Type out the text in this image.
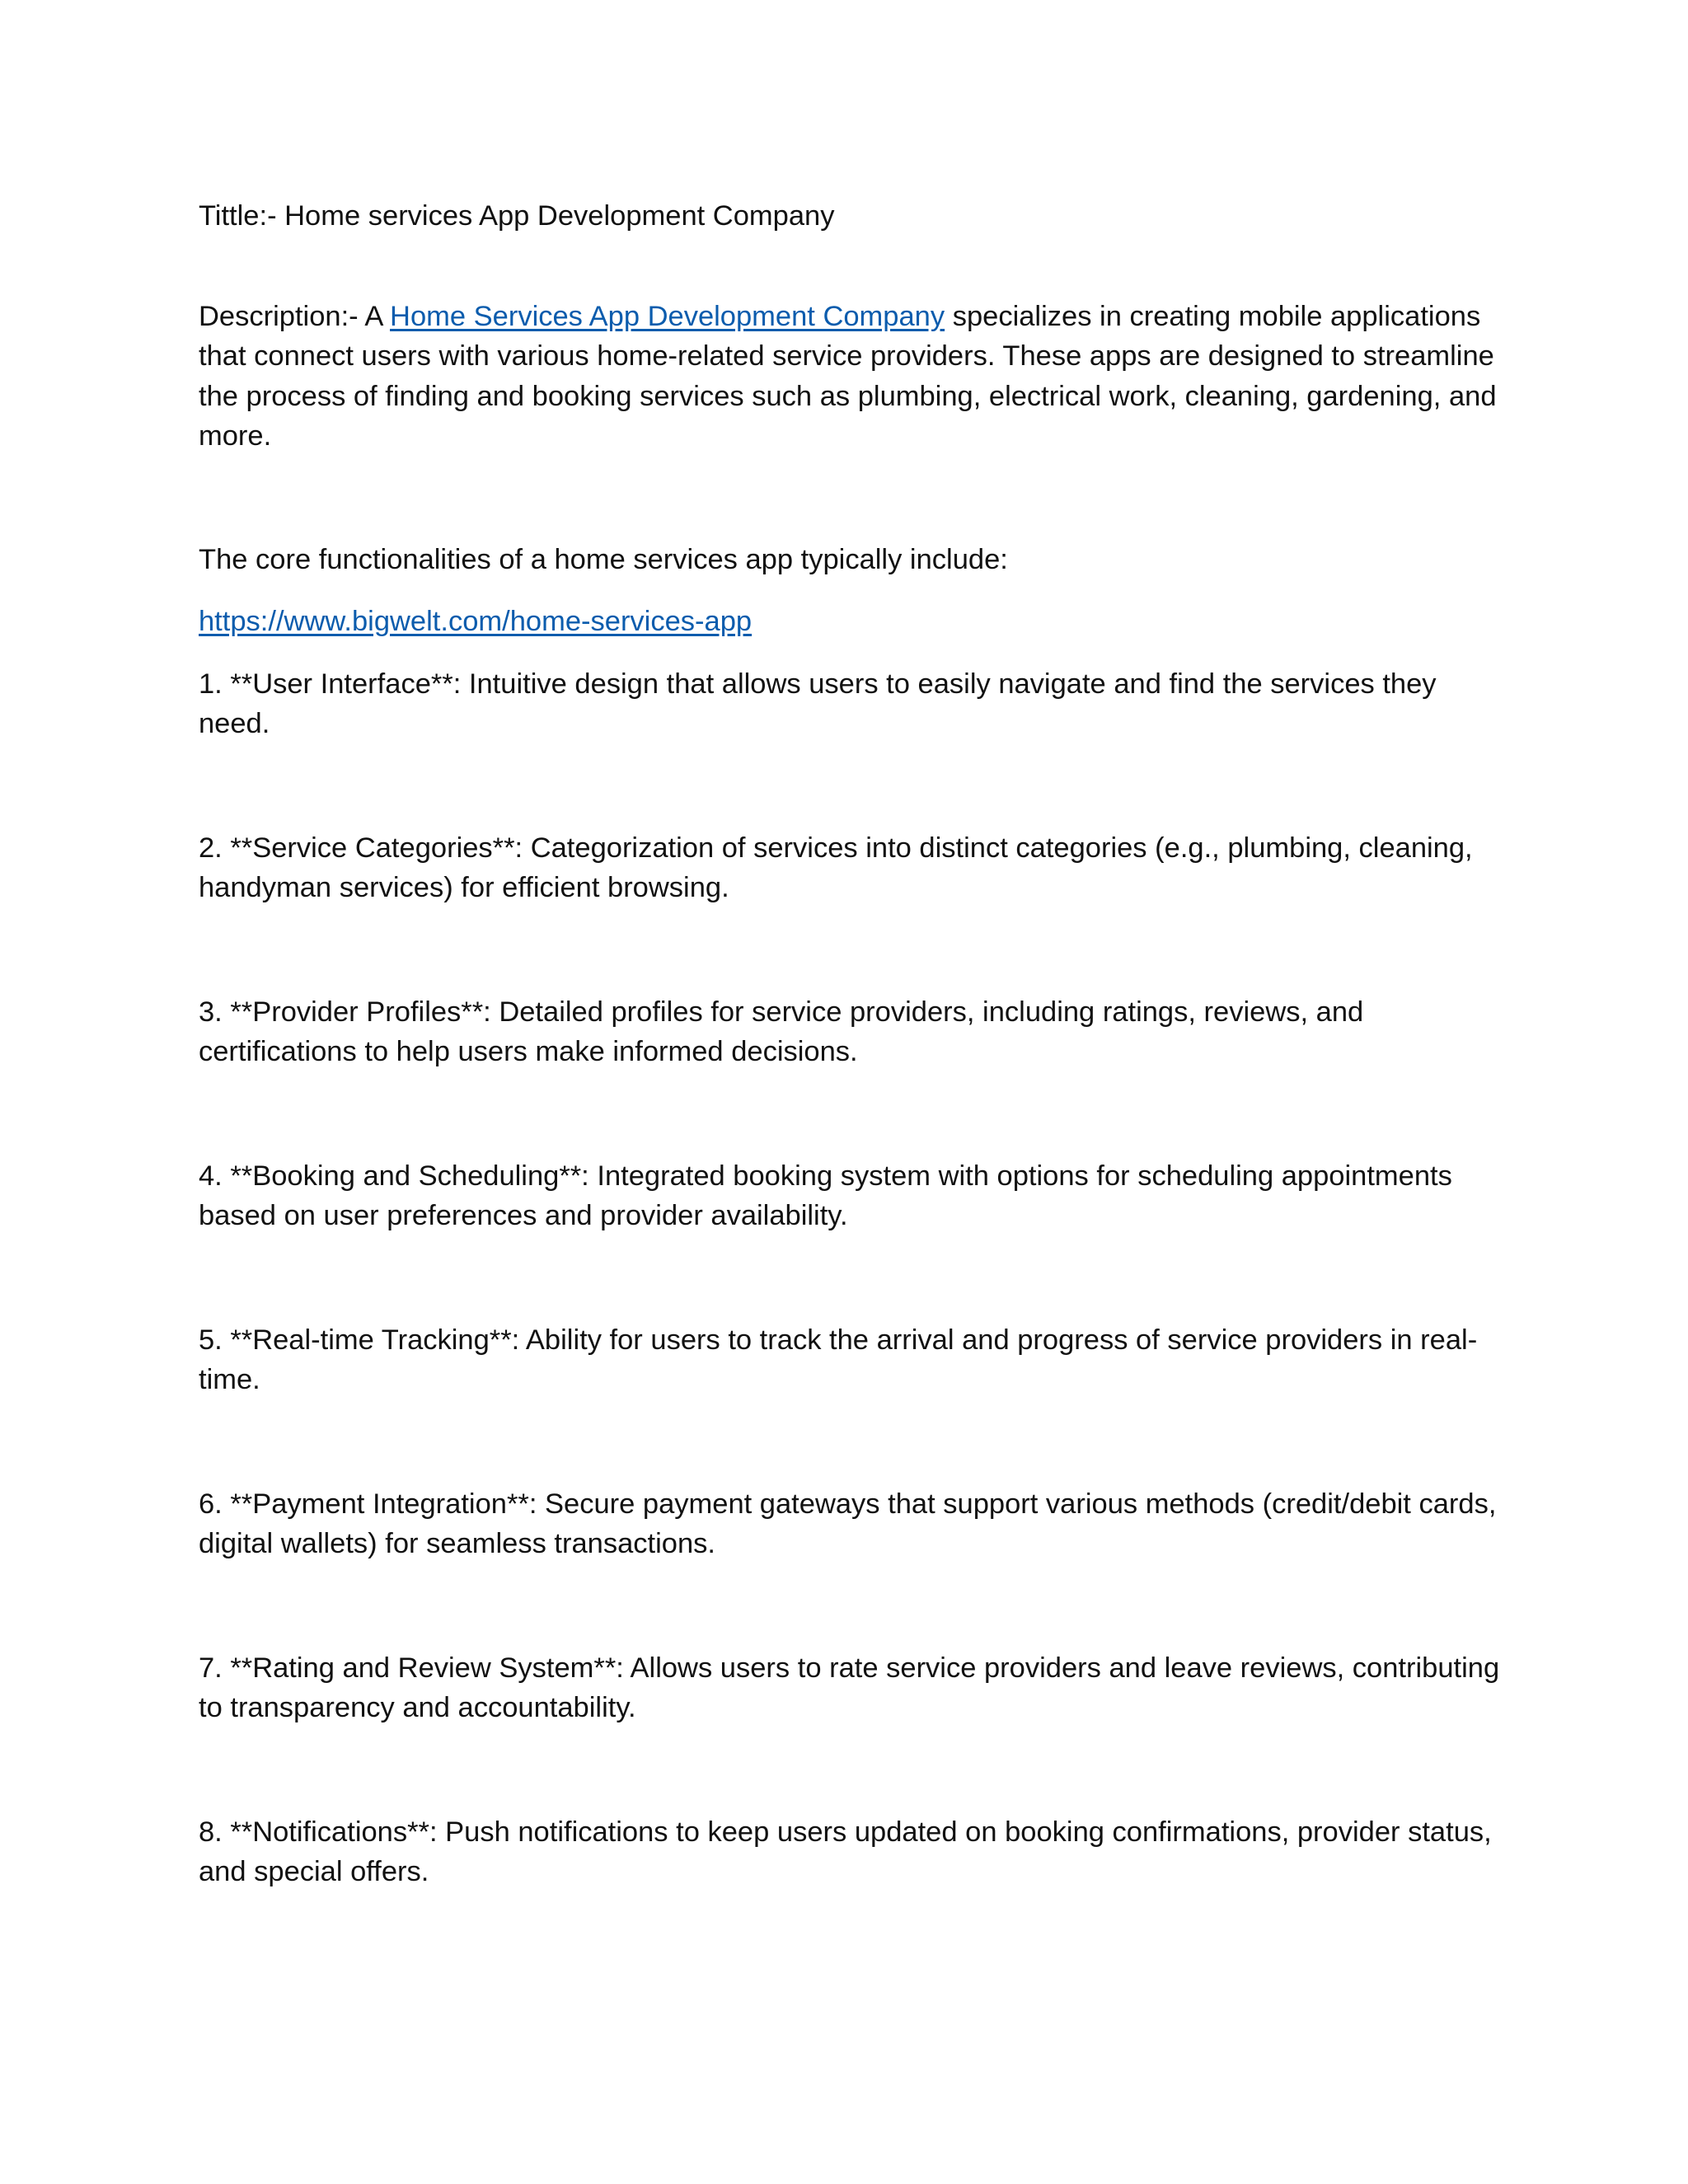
Tittle:- Home services App Development Company

Description:- A Home Services App Development Company specializes in creating mobile applications that connect users with various home-related service providers. These apps are designed to streamline the process of finding and booking services such as plumbing, electrical work, cleaning, gardening, and more.

The core functionalities of a home services app typically include:

https://www.bigwelt.com/home-services-app

1. **User Interface**: Intuitive design that allows users to easily navigate and find the services they need.
2. **Service Categories**: Categorization of services into distinct categories (e.g., plumbing, cleaning, handyman services) for efficient browsing.
3. **Provider Profiles**: Detailed profiles for service providers, including ratings, reviews, and certifications to help users make informed decisions.
4. **Booking and Scheduling**: Integrated booking system with options for scheduling appointments based on user preferences and provider availability.
5. **Real-time Tracking**: Ability for users to track the arrival and progress of service providers in real-time.
6. **Payment Integration**: Secure payment gateways that support various methods (credit/debit cards, digital wallets) for seamless transactions.
7. **Rating and Review System**: Allows users to rate service providers and leave reviews, contributing to transparency and accountability.
8. **Notifications**: Push notifications to keep users updated on booking confirmations, provider status, and special offers.
